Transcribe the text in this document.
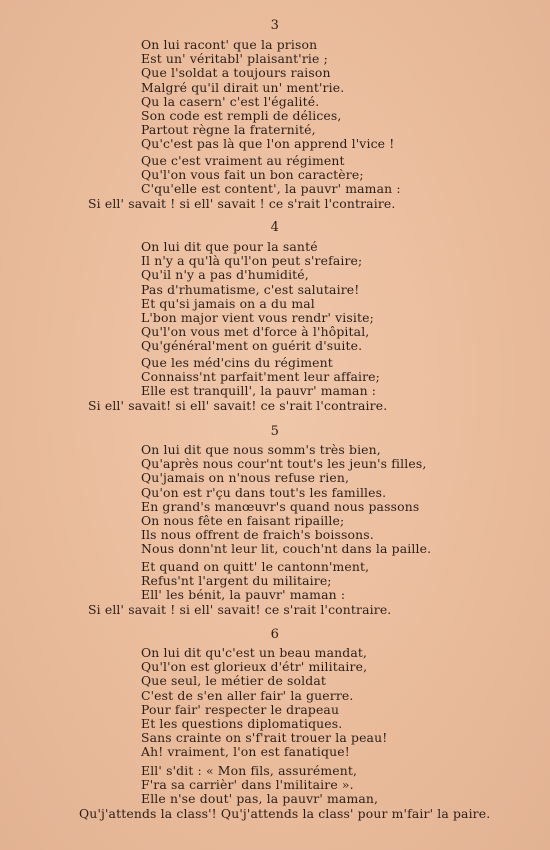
3
On lui racont' que la prison
Est un' véritabl' plaisant'rie ;
Que l'soldat a toujours raison
Malgré qu'il dirait un' ment'rie.
Qu la casern' c'est l'égalité.
Son code est rempli de délices,
Partout règne la fraternité,
Qu'c'est pas là que l'on apprend l'vice !
Que c'est vraiment au régiment
Qu'l'on vous fait un bon caractère;
C'qu'elle est content', la pauvr' maman :
Si ell' savait ! si ell' savait ! ce s'rait l'contraire.
4
On lui dit que pour la santé
Il n'y a qu'là qu'l'on peut s'refaire;
Qu'il n'y a pas d'humidité,
Pas d'rhumatisme, c'est salutaire!
Et qu'si jamais on a du mal
L'bon major vient vous rendr' visite;
Qu'l'on vous met d'force à l'hôpital,
Qu'général'ment on guérit d'suite.
Que les méd'cins du régiment
Connaiss'nt parfait'ment leur affaire;
Elle est tranquill', la pauvr' maman :
Si ell' savait! si ell' savait! ce s'rait l'contraire.
5
On lui dit que nous somm's très bien,
Qu'après nous cour'nt tout's les jeun's filles,
Qu'jamais on n'nous refuse rien,
Qu'on est r'çu dans tout's les familles.
En grand's manœuvr's quand nous passons
On nous fête en faisant ripaille;
Ils nous offrent de fraich's boissons.
Nous donn'nt leur lit, couch'nt dans la paille.
Et quand on quitt' le cantonn'ment,
Refus'nt l'argent du militaire;
Ell' les bénit, la pauvr' maman :
Si ell' savait ! si ell' savait! ce s'rait l'contraire.
6
On lui dit qu'c'est un beau mandat,
Qu'l'on est glorieux d'étr' militaire,
Que seul, le métier de soldat
C'est de s'en aller fair' la guerre.
Pour fair' respecter le drapeau
Et les questions diplomatiques.
Sans crainte on s'f'rait trouer la peau!
Ah! vraiment, l'on est fanatique!
Ell' s'dit : « Mon fils, assurément,
F'ra sa carrièr' dans l'militaire ».
Elle n'se dout' pas, la pauvr' maman,
Qu'j'attends la class'! Qu'j'attends la class' pour m'fair' la paire.
